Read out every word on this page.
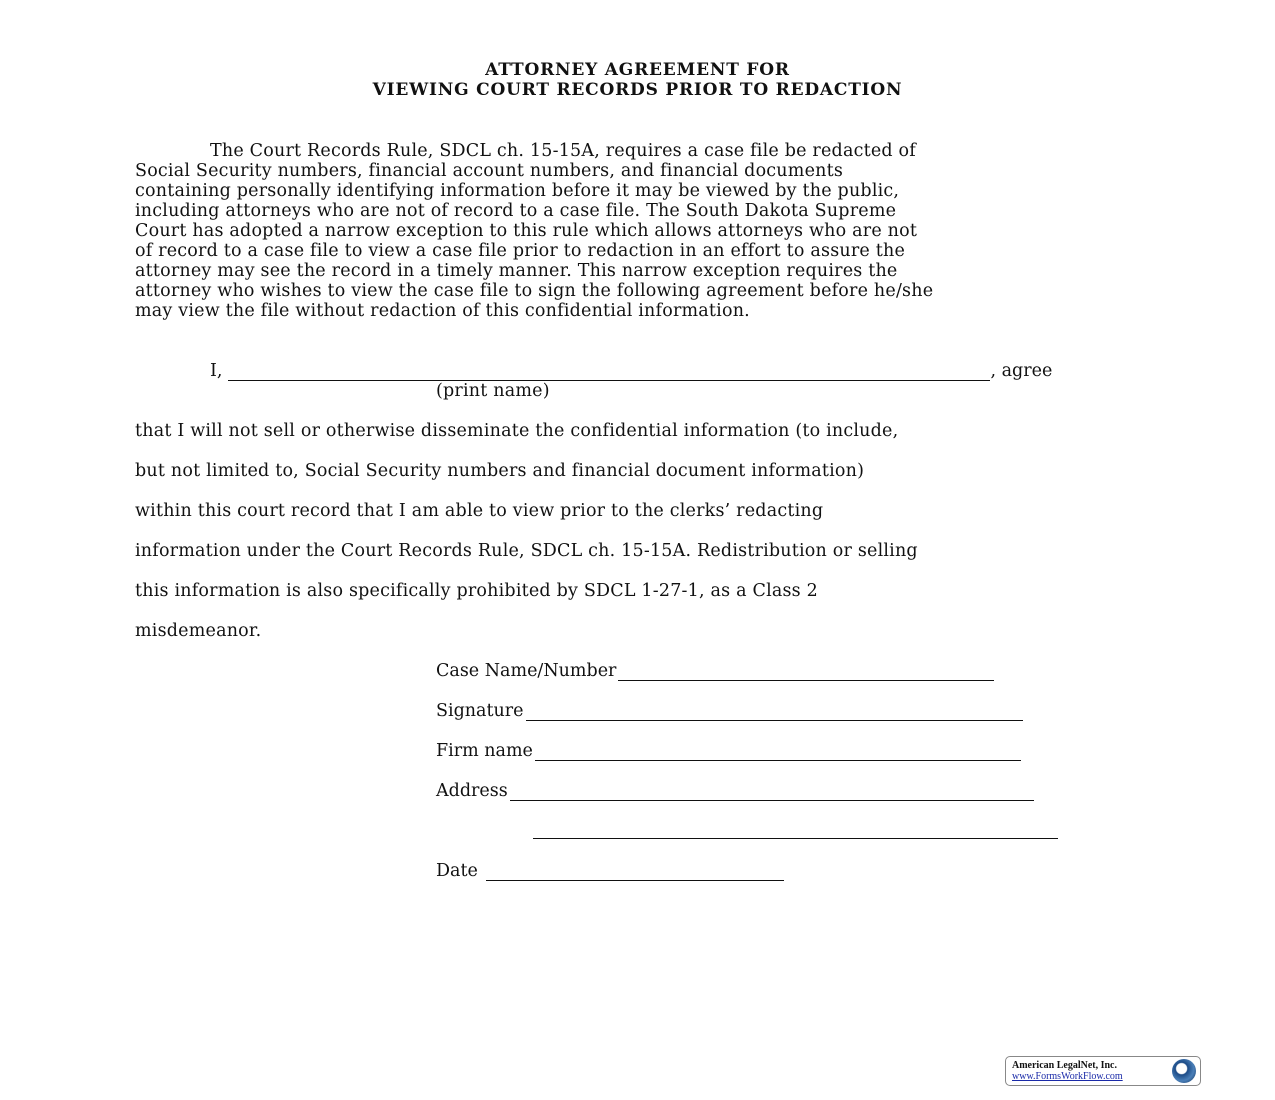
ATTORNEY AGREEMENT FOR
VIEWING COURT RECORDS PRIOR TO REDACTION
The Court Records Rule, SDCL ch. 15-15A, requires a case file be redacted of
Social Security numbers, financial account numbers, and financial documents
containing personally identifying information before it may be viewed by the public,
including attorneys who are not of record to a case file. The South Dakota Supreme
Court has adopted a narrow exception to this rule which allows attorneys who are not
of record to a case file to view a case file prior to redaction in an effort to assure the
attorney may see the record in a timely manner. This narrow exception requires the
attorney who wishes to view the case file to sign the following agreement before he/she
may view the file without redaction of this confidential information.
I,	, agree
(print name)
that I will not sell or otherwise disseminate the confidential information (to include,
but not limited to, Social Security numbers and financial document information)
within this court record that I am able to view prior to the clerks’ redacting
information under the Court Records Rule, SDCL ch. 15-15A. Redistribution or selling
this information is also specifically prohibited by SDCL 1-27-1, as a Class 2
misdemeanor.
Case Name/Number
Signature
Firm name
Address
Date
American LegalNet, Inc.
www.FormsWorkFlow.com
